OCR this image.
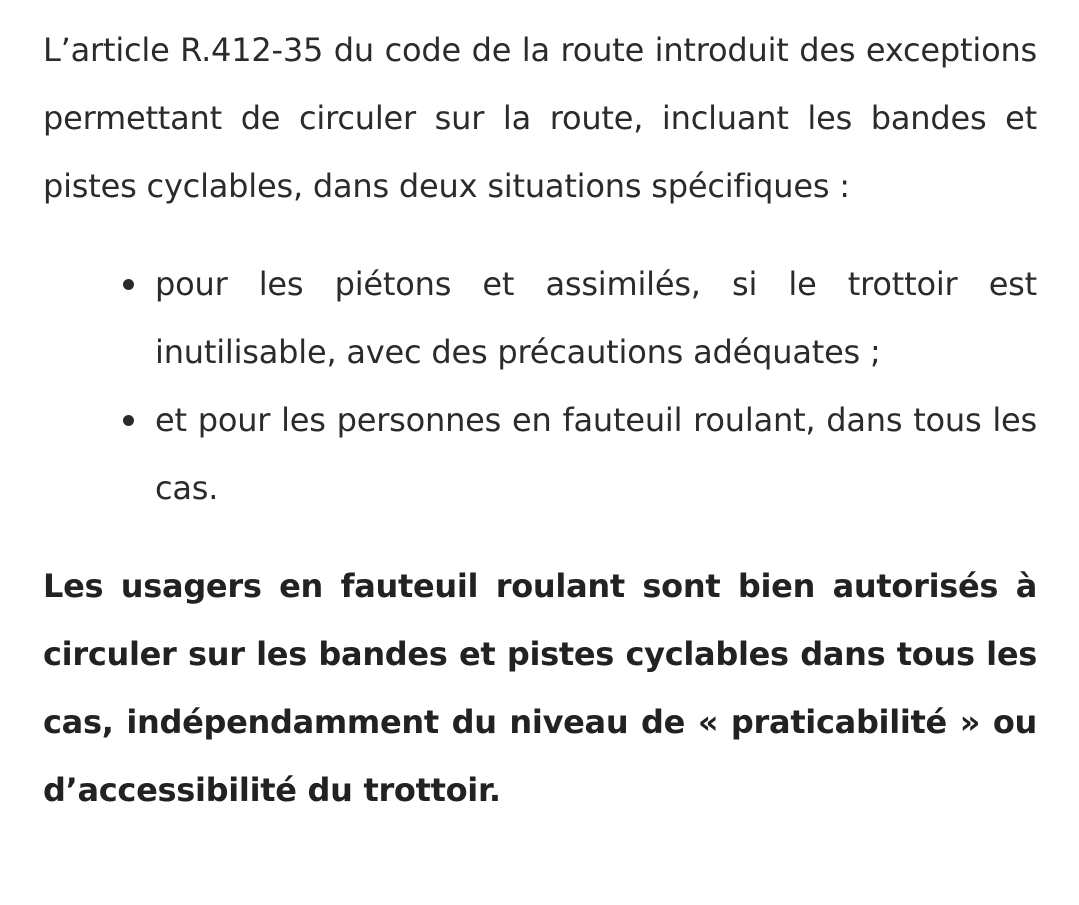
L’article R.412-35 du code de la route introduit des exceptions permettant de circuler sur la route, incluant les bandes et pistes cyclables, dans deux situations spécifiques :

pour les piétons et assimilés, si le trottoir est inutilisable, avec des précautions adéquates ;
et pour les personnes en fauteuil roulant, dans tous les cas.

Les usagers en fauteuil roulant sont bien autorisés à circuler sur les bandes et pistes cyclables dans tous les cas, indépendamment du niveau de « praticabilité » ou d’accessibilité du trottoir.
